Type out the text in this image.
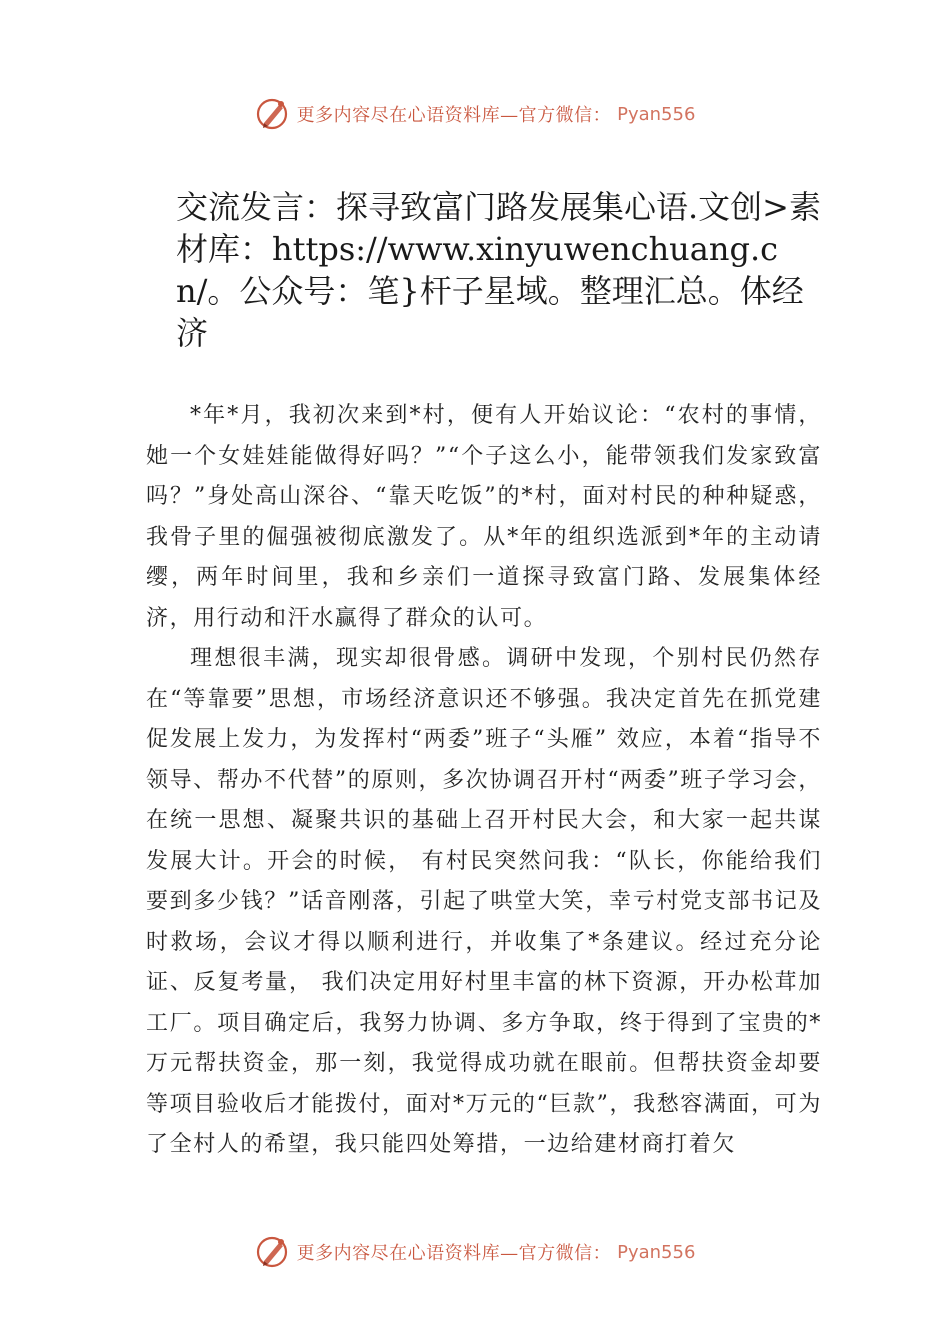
更多内容尽在心语资料库—官方微信： Pyan556
交流发言：探寻致富门路发展集心语.文创>素材库：https://www.xinyuwenchuang.cn/。公众号：笔}杆子星域。整理汇总。体经济

*年*月，我初次来到*村，便有人开始议论：“农村的事情，她一个女娃娃能做得好吗？”“个子这么小，能带领我们发家致富吗？”身处高山深谷、“靠天吃饭”的*村，面对村民的种种疑惑，我骨子里的倔强被彻底激发了。从*年的组织选派到*年的主动请缨，两年时间里，我和乡亲们一道探寻致富门路、发展集体经济，用行动和汗水赢得了群众的认可。

理想很丰满，现实却很骨感。调研中发现，个别村民仍然存在“等靠要”思想，市场经济意识还不够强。我决定首先在抓党建促发展上发力，为发挥村“两委”班子“头雁” 效应，本着“指导不领导、帮办不代替”的原则，多次协调召开村“两委”班子学习会，在统一思想、凝聚共识的基础上召开村民大会，和大家一起共谋发展大计。开会的时候， 有村民突然问我：“队长，你能给我们要到多少钱？”话音刚落，引起了哄堂大笑，幸亏村党支部书记及时救场，会议才得以顺利进行，并收集了*条建议。经过充分论证、反复考量， 我们决定用好村里丰富的林下资源，开办松茸加工厂。项目确定后，我努力协调、多方争取，终于得到了宝贵的*万元帮扶资金，那一刻，我觉得成功就在眼前。但帮扶资金却要等项目验收后才能拨付，面对*万元的“巨款”，我愁容满面，可为了全村人的希望，我只能四处筹措，一边给建材商打着欠

更多内容尽在心语资料库—官方微信： Pyan556
